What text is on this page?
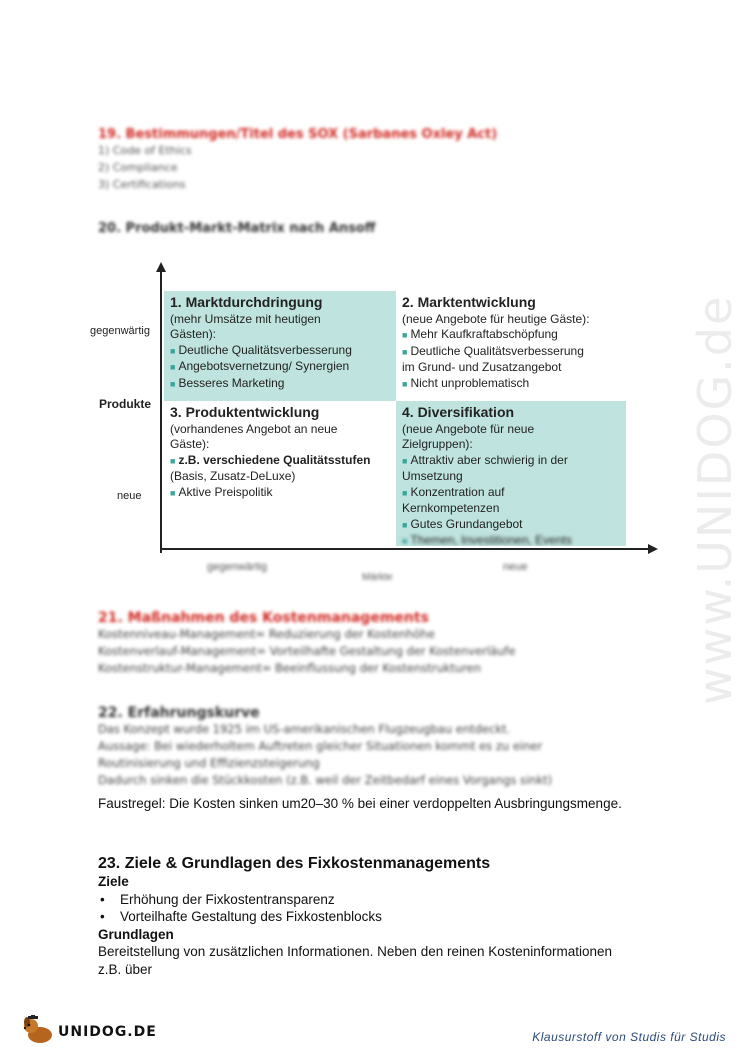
www.UNIDOG.de
19. Bestimmungen/Titel des SOX (Sarbanes Oxley Act)
1) Code of Ethics
2) Compliance
3) Certifications
20. Produkt-Markt-Matrix nach Ansoff
gegenwärtig
Produkte
neue
gegenwärtig
Märkte
neue
1. Marktdurchdringung
(mehr Umsätze mit heutigen
Gästen):
■ Deutliche Qualitätsverbesserung
■ Angebotsvernetzung/ Synergien
■ Besseres Marketing
2. Marktentwicklung
(neue Angebote für heutige Gäste):
■ Mehr Kaufkraftabschöpfung
■ Deutliche Qualitätsverbesserung
im Grund- und Zusatzangebot
■ Nicht unproblematisch
3. Produktentwicklung
(vorhandenes Angebot an neue
Gäste):
■ z.B. verschiedene Qualitätsstufen
(Basis, Zusatz-DeLuxe)
■ Aktive Preispolitik
4. Diversifikation
(neue Angebote für neue
Zielgruppen):
■ Attraktiv aber schwierig in der
Umsetzung
■ Konzentration auf
Kernkompetenzen
■ Gutes Grundangebot
■ Themen, Investitionen, Events
21. Maßnahmen des Kostenmanagements
Kostenniveau-Management= Reduzierung der Kostenhöhe
Kostenverlauf-Management= Vorteilhafte Gestaltung der Kostenverläufe
Kostenstruktur-Management= Beeinflussung der Kostenstrukturen
22. Erfahrungskurve
Das Konzept wurde 1925 im US-amerikanischen Flugzeugbau entdeckt.
Aussage: Bei wiederholtem Auftreten gleicher Situationen kommt es zu einer
Routinisierung und Effizienzsteigerung
Dadurch sinken die Stückkosten (z.B. weil der Zeitbedarf eines Vorgangs sinkt)
Faustregel: Die Kosten sinken um20–30 % bei einer verdoppelten Ausbringungsmenge.
23. Ziele & Grundlagen des Fixkostenmanagements
Ziele
• Erhöhung der Fixkostentransparenz
• Vorteilhafte Gestaltung des Fixkostenblocks
Grundlagen
Bereitstellung von zusätzlichen Informationen. Neben den reinen Kosteninformationen
z.B. über
UNIDOG.DE	Klausurstoff von Studis für Studis
